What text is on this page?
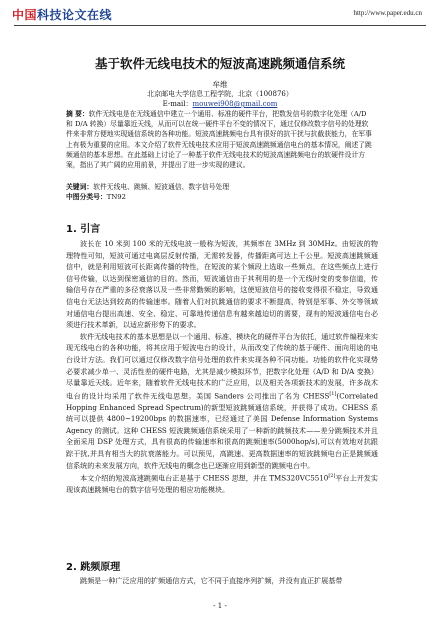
中国科技论文在线	http://www.paper.edu.cn
基于软件无线电技术的短波高速跳频通信系统
牟维
北京邮电大学信息工程学院，北京（100876）
E-mail：mouwei908@gmail.com
摘 要：软件无线电是在无线通信中建立一个通用、标准的硬件平台，把数发信号的数字化处理（A/D 和 D/A 转换）尽量靠近天线，从而可以在统一硬件平台不变的情况下，通过仅修改数字信号的处理软件来非常方便地实现通信系统的各种功能。短波高速跳频电台具有很好的抗干扰与抗截获能力，在军事上有极为重要的应用。本文介绍了软件无线电技术应用于短波高速跳频通信电台的基本情况，阐述了跳频通信的基本思想。在此基础上讨论了一种基于软件无线电技术的短波高速跳频电台的软硬件设计方案，指出了其广阔的应用前景，并提出了进一步实现的建议。
关键词：软件无线电、跳频、短波通信、数字信号处理
中图分类号：TN92
1. 引言

波长在 10 米到 100 米的无线电波一般称为短波，其频率在 3MHz 到 30MHz。由短波的物理特性可知，短波可通过电离层反射传播，无需转发器，传播距离可达上千公里。短波高速跳频通信中，就是利用短波可长距离传播的特性，在短波的某个频段上选取一些频点，在这些频点上进行信号传输，以达到保密通信的目的。然而，短波通信由于其利用的是一个无线时变的变参信道，传输信号存在严重的多径衰落以及一些非常勤频的影响，这使短波信号的接收变得很不稳定，导致通信电台无法达到较高的传输速率。随着人们对抗跳通信的要求不断提高，特别是军事、外交等领域对通信电台提出高速、安全、稳定、可靠地传递信息有越来越迫切的需要，现有的短波通信电台必须进行技术革新，以适应新形势下的要求。

软件无线电技术的基本思想是以一个通用、标准、模块化的硬件平台为依托，通过软件编程来实现无线电台的各种功能，将其应用于短波电台的设计，从而改变了传统的基于硬件、面向用途的电台设计方法。我们可以通过仅修改数字信号处理的软件来实现各种不同功能。功能的软件化实现势必要求减少单一、灵活性差的硬件电路，尤其是减少模拟环节，把数字化处理（A/D 和 D/A 变换）尽量靠近天线。近年来，随着软件无线电技术的广泛应用，以及相关各项新技术的发展，许多战术电台的设计均采用了软件无线电思想。美国 Sanders 公司推出了名为 CHESS[1](Correlated Hopping Enhanced Spread Spectrum)的新型短波跳频通信系统，并获得了成功。CHESS 系统可以提供 4800~19200bps 的数据速率，已经通过了美国 Defense Information Systems Agency 的测试。这种 CHESS 短波跳频通信系统采用了一种新的跳频技术——差分跳频技术并且全面采用 DSP 处理方式，具有很高的传输速率和很高的跳频速率(5000hop/s),可以有效地对抗跟踪干扰,并具有相当大的抗衰落能力。可以预见，高跳速、更高数据速率的短波跳频电台正是跳频通信系统的未来发展方向，软件无线电的概念也已逐渐应用到新型的跳频电台中。

本文介绍的短波高速跳频电台正是基于 CHESS 思想，并在 TMS320VC5510[2]平台上开发实现该高速跳频电台的数字信号处理的相应功能模块。

2. 跳频原理

跳频是一种广泛应用的扩频通信方式，它不同于直接序列扩频，并没有直正扩展基带

- 1 -
